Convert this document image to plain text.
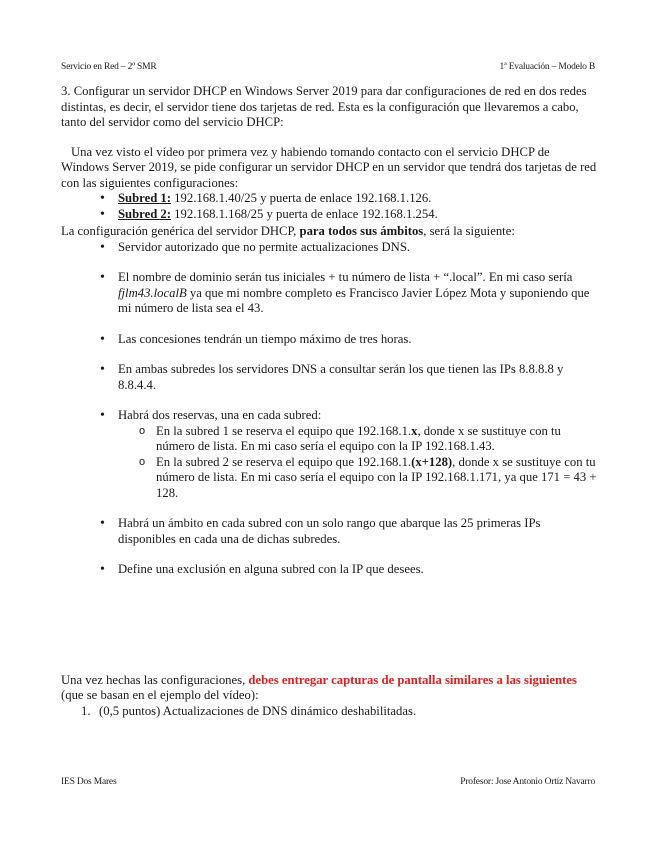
Servicio en Red – 2º SMR	1ª Evaluación – Modelo B

3. Configurar un servidor DHCP en Windows Server 2019 para dar configuraciones de red en dos redes distintas, es decir, el servidor tiene dos tarjetas de red. Esta es la configuración que llevaremos a cabo, tanto del servidor como del servicio DHCP:

Una vez visto el vídeo por primera vez y habiendo tomando contacto con el servicio DHCP de Windows Server 2019, se pide configurar un servidor DHCP en un servidor que tendrá dos tarjetas de red con las siguientes configuraciones:

• Subred 1: 192.168.1.40/25 y puerta de enlace 192.168.1.126.
• Subred 2: 192.168.1.168/25 y puerta de enlace 192.168.1.254.

La configuración genérica del servidor DHCP, para todos sus ámbitos, será la siguiente:

• Servidor autorizado que no permite actualizaciones DNS.
• El nombre de dominio serán tus iniciales + tu número de lista + “.local”. En mi caso sería fjlm43.localB ya que mi nombre completo es Francisco Javier López Mota y suponiendo que mi número de lista sea el 43.
• Las concesiones tendrán un tiempo máximo de tres horas.
• En ambas subredes los servidores DNS a consultar serán los que tienen las IPs 8.8.8.8 y 8.8.4.4.
• Habrá dos reservas, una en cada subred:
o En la subred 1 se reserva el equipo que 192.168.1.x, donde x se sustituye con tu número de lista. En mi caso sería el equipo con la IP 192.168.1.43.
o En la subred 2 se reserva el equipo que 192.168.1.(x+128), donde x se sustituye con tu número de lista. En mi caso sería el equipo con la IP 192.168.1.171, ya que 171 = 43 + 128.
• Habrá un ámbito en cada subred con un solo rango que abarque las 25 primeras IPs disponibles en cada una de dichas subredes.
• Define una exclusión en alguna subred con la IP que desees.

Una vez hechas las configuraciones, debes entregar capturas de pantalla similares a las siguientes (que se basan en el ejemplo del vídeo):

1. (0,5 puntos) Actualizaciones de DNS dinámico deshabilitadas.
IES Dos Mares	Profesor: Jose Antonio Ortíz Navarro
